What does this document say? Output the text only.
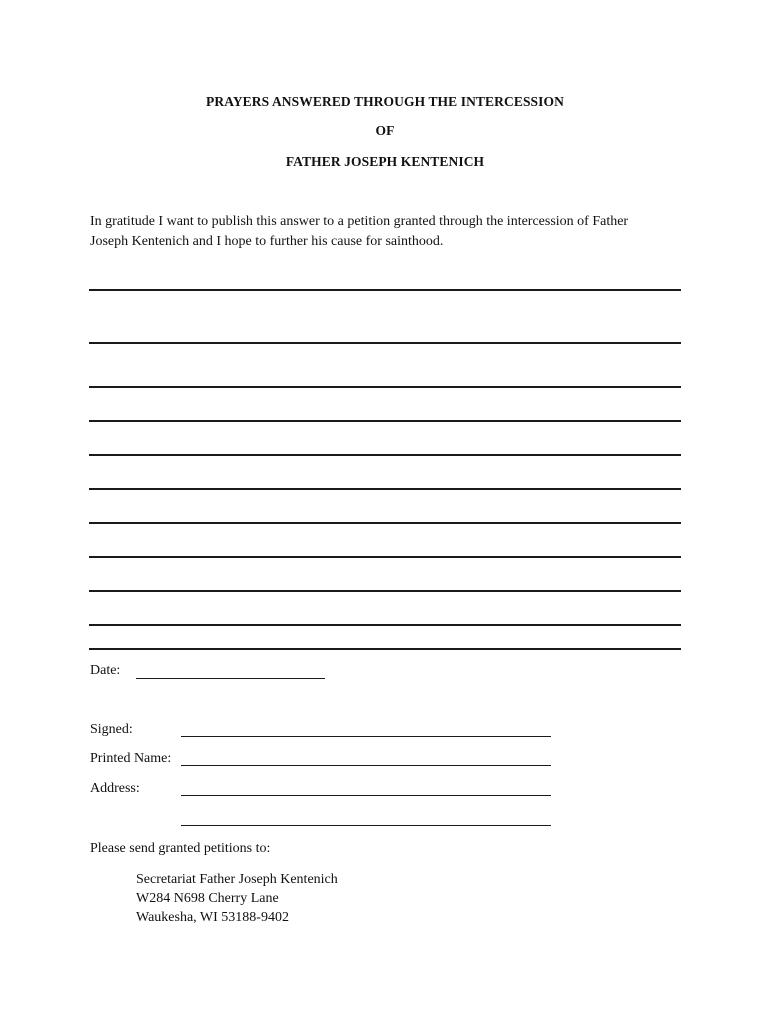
PRAYERS ANSWERED THROUGH THE INTERCESSION
OF
FATHER JOSEPH KENTENICH
In gratitude I want to publish this answer to a petition granted through the intercession of Father
Joseph Kentenich and I hope to further his cause for sainthood.
Date:
Signed:
Printed Name:
Address:
Please send granted petitions to:
Secretariat Father Joseph Kentenich
W284 N698 Cherry Lane
Waukesha, WI 53188-9402
